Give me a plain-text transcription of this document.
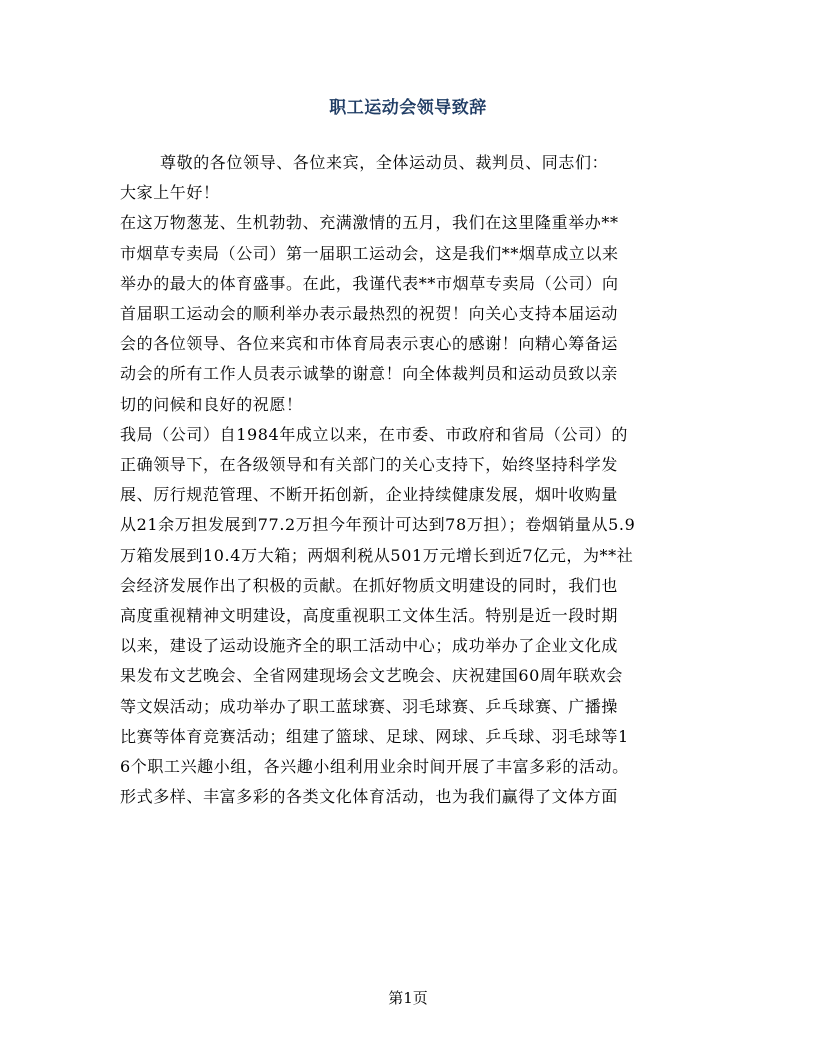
职工运动会领导致辞

尊敬的各位领导、各位来宾，全体运动员、裁判员、同志们：

大家上午好！

在这万物葱茏、生机勃勃、充满激情的五月，我们在这里隆重举办**

市烟草专卖局（公司）第一届职工运动会，这是我们**烟草成立以来

举办的最大的体育盛事。在此，我谨代表**市烟草专卖局（公司）向

首届职工运动会的顺利举办表示最热烈的祝贺！向关心支持本届运动

会的各位领导、各位来宾和市体育局表示衷心的感谢！向精心筹备运

动会的所有工作人员表示诚挚的谢意！向全体裁判员和运动员致以亲

切的问候和良好的祝愿！

我局（公司）自1984年成立以来，在市委、市政府和省局（公司）的

正确领导下，在各级领导和有关部门的关心支持下，始终坚持科学发

展、厉行规范管理、不断开拓创新，企业持续健康发展，烟叶收购量

从21余万担发展到77.2万担今年预计可达到78万担）；卷烟销量从5.9

万箱发展到10.4万大箱；两烟利税从501万元增长到近7亿元，为**社

会经济发展作出了积极的贡献。在抓好物质文明建设的同时，我们也

高度重视精神文明建设，高度重视职工文体生活。特别是近一段时期

以来，建设了运动设施齐全的职工活动中心；成功举办了企业文化成

果发布文艺晚会、全省网建现场会文艺晚会、庆祝建国60周年联欢会

等文娱活动；成功举办了职工蓝球赛、羽毛球赛、乒乓球赛、广播操

比赛等体育竞赛活动；组建了篮球、足球、网球、乒乓球、羽毛球等1

6个职工兴趣小组，各兴趣小组利用业余时间开展了丰富多彩的活动。

形式多样、丰富多彩的各类文化体育活动，也为我们赢得了文体方面

第1页
